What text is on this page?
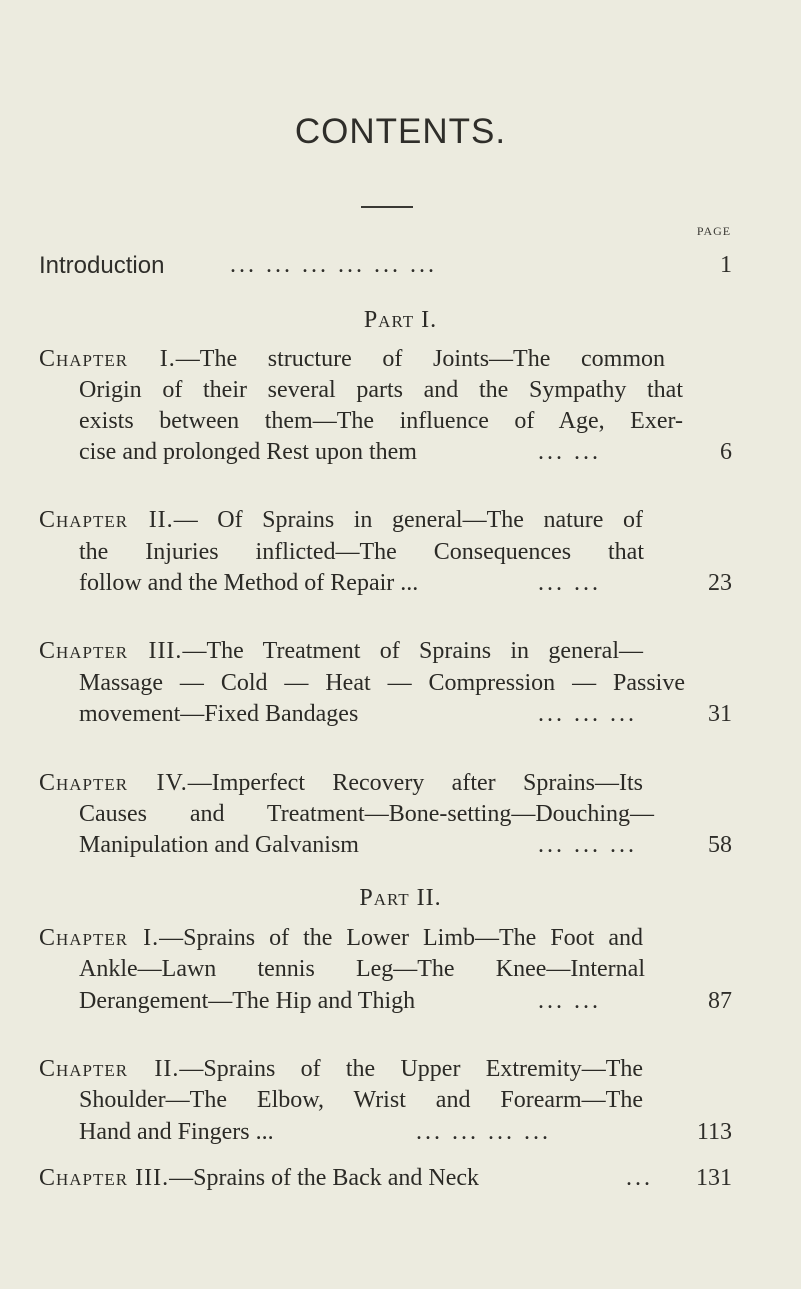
CONTENTS.
PAGE
Introduction	... ... ... ... ... ...	1
Part I.
Chapter I.—The structure of Joints—The common
Origin of their several parts and the Sympathy that
exists between them—The influence of Age, Exer-
cise and prolonged Rest upon them	... ...	6
Chapter II.— Of Sprains in general—The nature of
the Injuries inflicted—The Consequences that
follow and the Method of Repair ...	... ...	23
Chapter III.—The Treatment of Sprains in general—
Massage — Cold — Heat — Compression — Passive
movement—Fixed Bandages	... ... ...	31
Chapter IV.—Imperfect Recovery after Sprains—Its
Causes and Treatment—Bone-setting—Douching—
Manipulation and Galvanism	... ... ...	58
Part II.
Chapter I.—Sprains of the Lower Limb—The Foot and
Ankle—Lawn tennis Leg—The Knee—Internal
Derangement—The Hip and Thigh	... ...	87
Chapter II.—Sprains of the Upper Extremity—The
Shoulder—The Elbow, Wrist and Forearm—The
Hand and Fingers ...	... ... ... ...	113
Chapter III.—Sprains of the Back and Neck	...	131
